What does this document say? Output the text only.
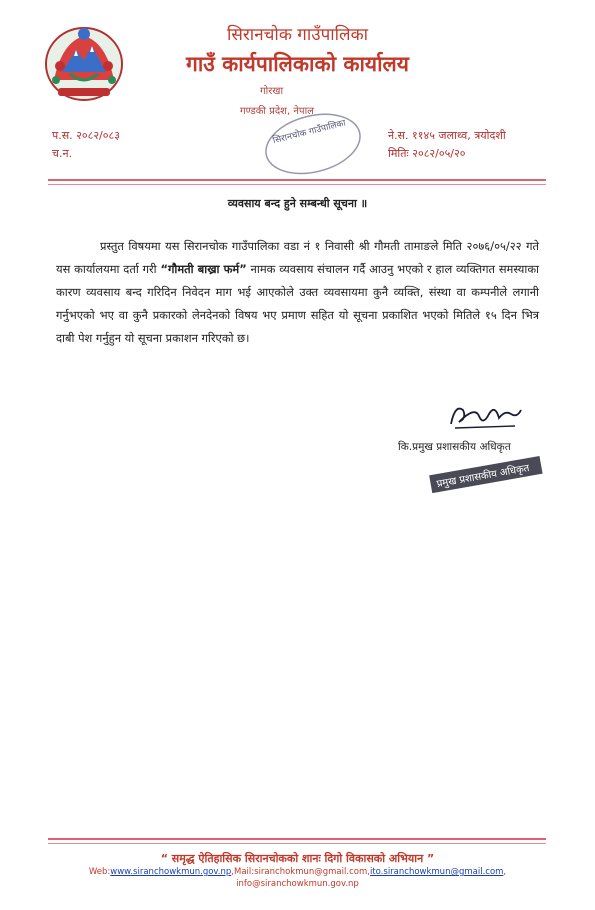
सिरानचोक गाउँपालिका
गाउँ कार्यपालिकाको कार्यालय
गोरखा
गण्डकी प्रदेश, नेपाल
सिरानचोक गाउँपालिका
प.स. २०८२/०८३
च.न.
ने.स. ११४५ जलाथ्व, त्रयोदशी
मितिः २०८२/०५/२०
व्यवसाय बन्द हुने सम्बन्धी सूचना ॥
प्रस्तुत विषयमा यस सिरानचोक गाउँपालिका वडा नं १ निवासी श्री गौमती तामाङले मिति २०७६/०५/२२ गते यस कार्यालयमा दर्ता गरी “गौमती बाख्रा फर्म” नामक व्यवसाय संचालन गर्दै आउनु भएको र हाल व्यक्तिगत समस्याका कारण व्यवसाय बन्द गरिदिन निवेदन माग भई आएकोले उक्त व्यवसायमा कुनै व्यक्ति, संस्था वा कम्पनीले लगानी गर्नुभएको भए वा कुनै प्रकारको लेनदेनको विषय भए प्रमाण सहित यो सूचना प्रकाशित भएको मितिले १५ दिन भित्र दाबी पेश गर्नुहुन यो सूचना प्रकाशन गरिएको छ।
कि.प्रमुख प्रशासकीय अधिकृत
प्रमुख प्रशासकीय अधिकृत
“ समृद्ध ऐतिहासिक सिरानचोकको शानः दिगो विकासको अभियान ”
Web:www.siranchowkmun.gov.np,Mail:siranchokmun@gmail.com,ito.siranchowkmun@gmail.com,
info@siranchowkmun.gov.np
